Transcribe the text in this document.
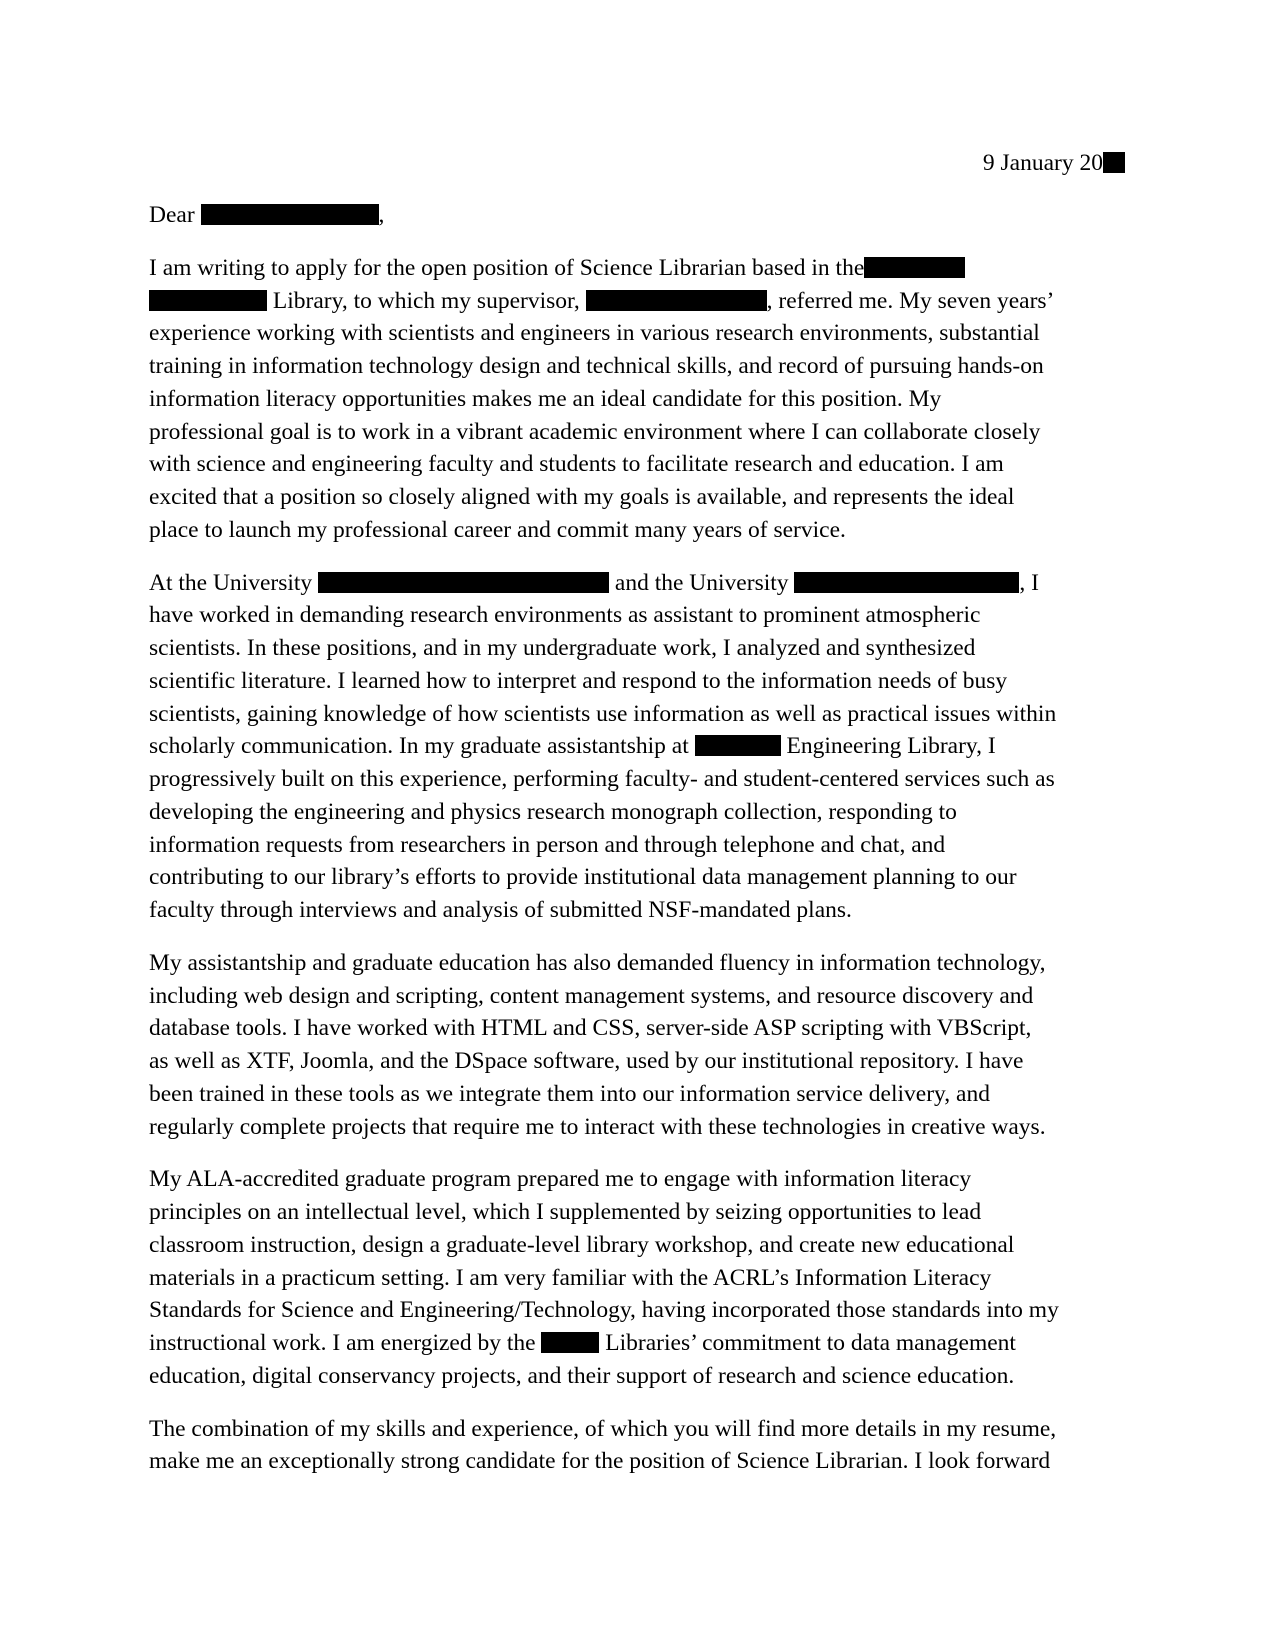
9 January 20
Dear	,
I am writing to apply for the open position of Science Librarian based in the
Library, to which my supervisor,	, referred me. My seven years’
experience working with scientists and engineers in various research environments, substantial
training in information technology design and technical skills, and record of pursuing hands-on
information literacy opportunities makes me an ideal candidate for this position. My
professional goal is to work in a vibrant academic environment where I can collaborate closely
with science and engineering faculty and students to facilitate research and education. I am
excited that a position so closely aligned with my goals is available, and represents the ideal
place to launch my professional career and commit many years of service.
At the University	and the University	, I
have worked in demanding research environments as assistant to prominent atmospheric
scientists. In these positions, and in my undergraduate work, I analyzed and synthesized
scientific literature. I learned how to interpret and respond to the information needs of busy
scientists, gaining knowledge of how scientists use information as well as practical issues within
scholarly communication. In my graduate assistantship at	Engineering Library, I
progressively built on this experience, performing faculty- and student-centered services such as
developing the engineering and physics research monograph collection, responding to
information requests from researchers in person and through telephone and chat, and
contributing to our library’s efforts to provide institutional data management planning to our
faculty through interviews and analysis of submitted NSF-mandated plans.
My assistantship and graduate education has also demanded fluency in information technology,
including web design and scripting, content management systems, and resource discovery and
database tools. I have worked with HTML and CSS, server-side ASP scripting with VBScript,
as well as XTF, Joomla, and the DSpace software, used by our institutional repository. I have
been trained in these tools as we integrate them into our information service delivery, and
regularly complete projects that require me to interact with these technologies in creative ways.
My ALA-accredited graduate program prepared me to engage with information literacy
principles on an intellectual level, which I supplemented by seizing opportunities to lead
classroom instruction, design a graduate-level library workshop, and create new educational
materials in a practicum setting. I am very familiar with the ACRL’s Information Literacy
Standards for Science and Engineering/Technology, having incorporated those standards into my
instructional work. I am energized by the  Libraries’ commitment to data management
education, digital conservancy projects, and their support of research and science education.
The combination of my skills and experience, of which you will find more details in my resume,
make me an exceptionally strong candidate for the position of Science Librarian. I look forward
